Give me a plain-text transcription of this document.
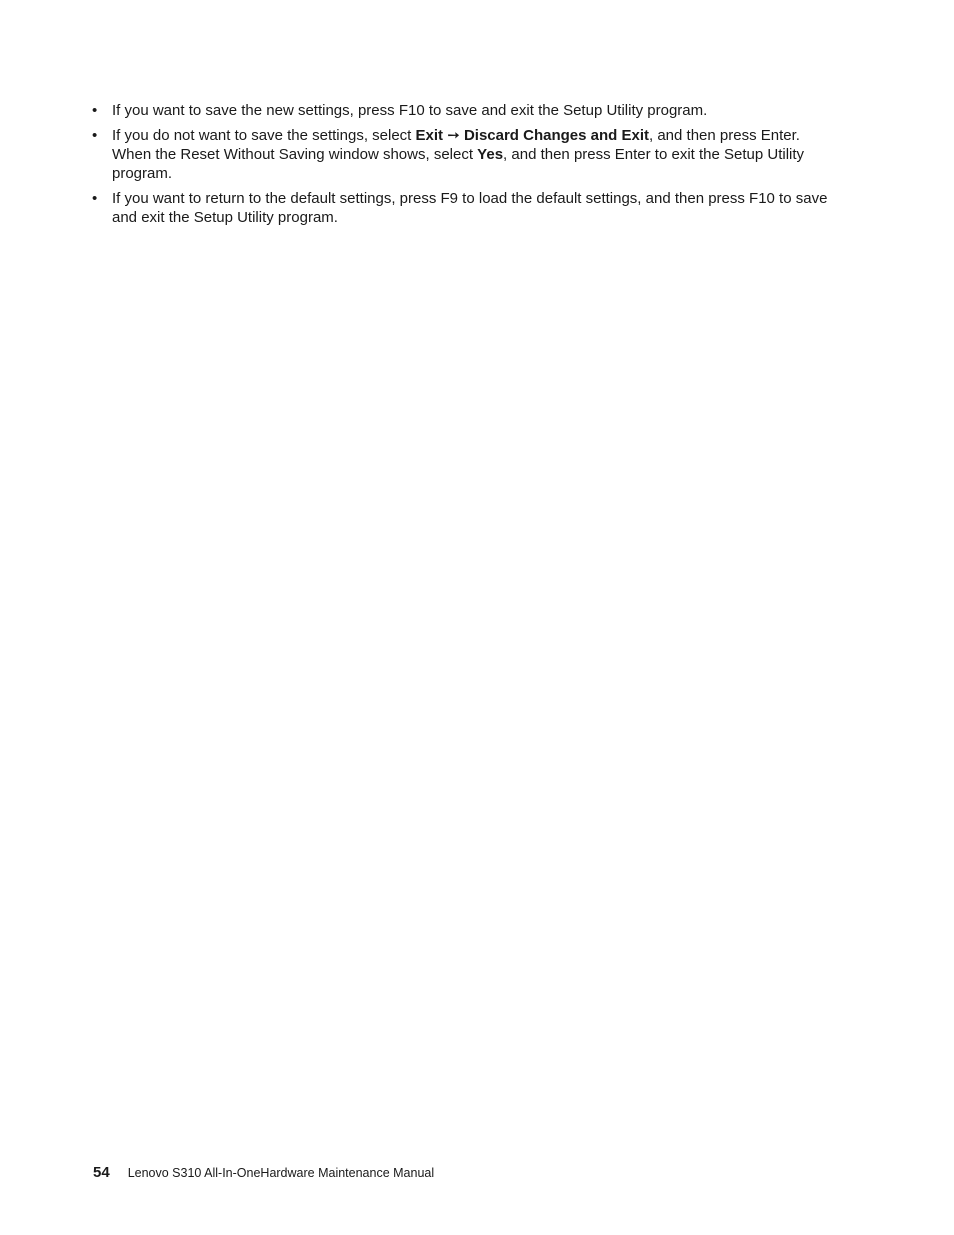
• If you want to save the new settings, press F10 to save and exit the Setup Utility program.
• If you do not want to save the settings, select Exit ➙ Discard Changes and Exit, and then press Enter. When the Reset Without Saving window shows, select Yes, and then press Enter to exit the Setup Utility program.
• If you want to return to the default settings, press F9 to load the default settings, and then press F10 to save and exit the Setup Utility program.
54 Lenovo S310 All-In-OneHardware Maintenance Manual
